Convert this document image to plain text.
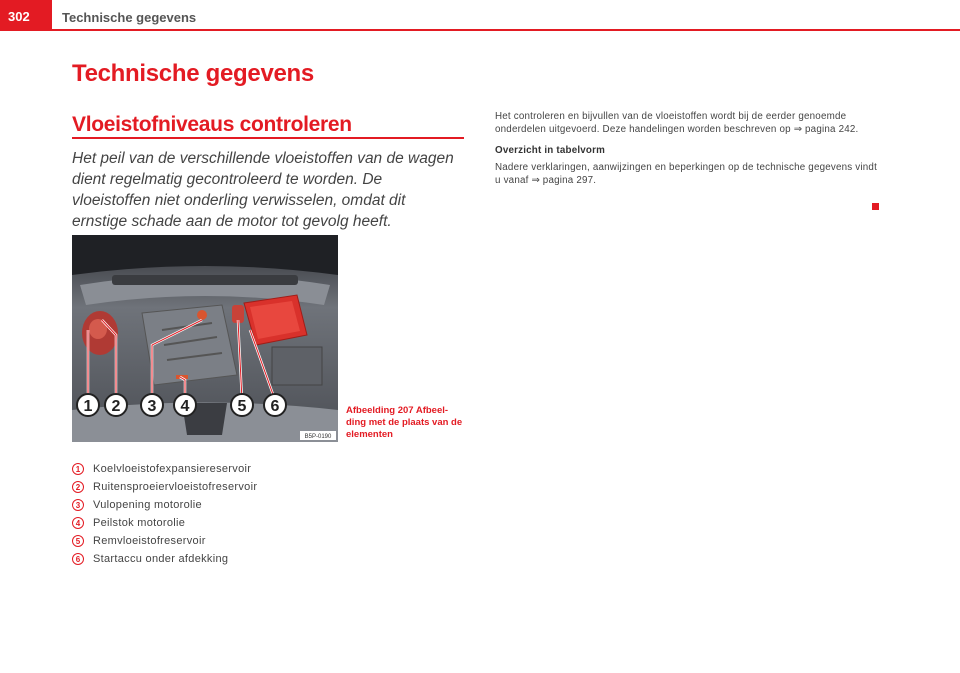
302 Technische gegevens
Technische gegevens
Vloeistofniveaus controleren

Het peil van de verschillende vloeistoffen van de wagen dient regelmatig gecontroleerd te worden. De vloeistoffen niet onderling verwisselen, omdat dit ernstige schade aan de motor tot gevolg heeft.

1 2 3 4	5 6
B5P-0190
Afbeelding 207 Afbeelding met de plaats van de elementen
1	Koelvloeistofexpansiereservoir
2	Ruitensproeiervloeistofreservoir
3	Vulopening motorolie
4	Peilstok motorolie
5	Remvloeistofreservoir
6	Startaccu onder afdekking

Het controleren en bijvullen van de vloeistoffen wordt bij de eerder genoemde onderdelen uitgevoerd. Deze handelingen worden beschreven op ⇒ pagina 242.

Overzicht in tabelvorm

Nadere verklaringen, aanwijzingen en beperkingen op de technische gegevens vindt u vanaf ⇒ pagina 297.
